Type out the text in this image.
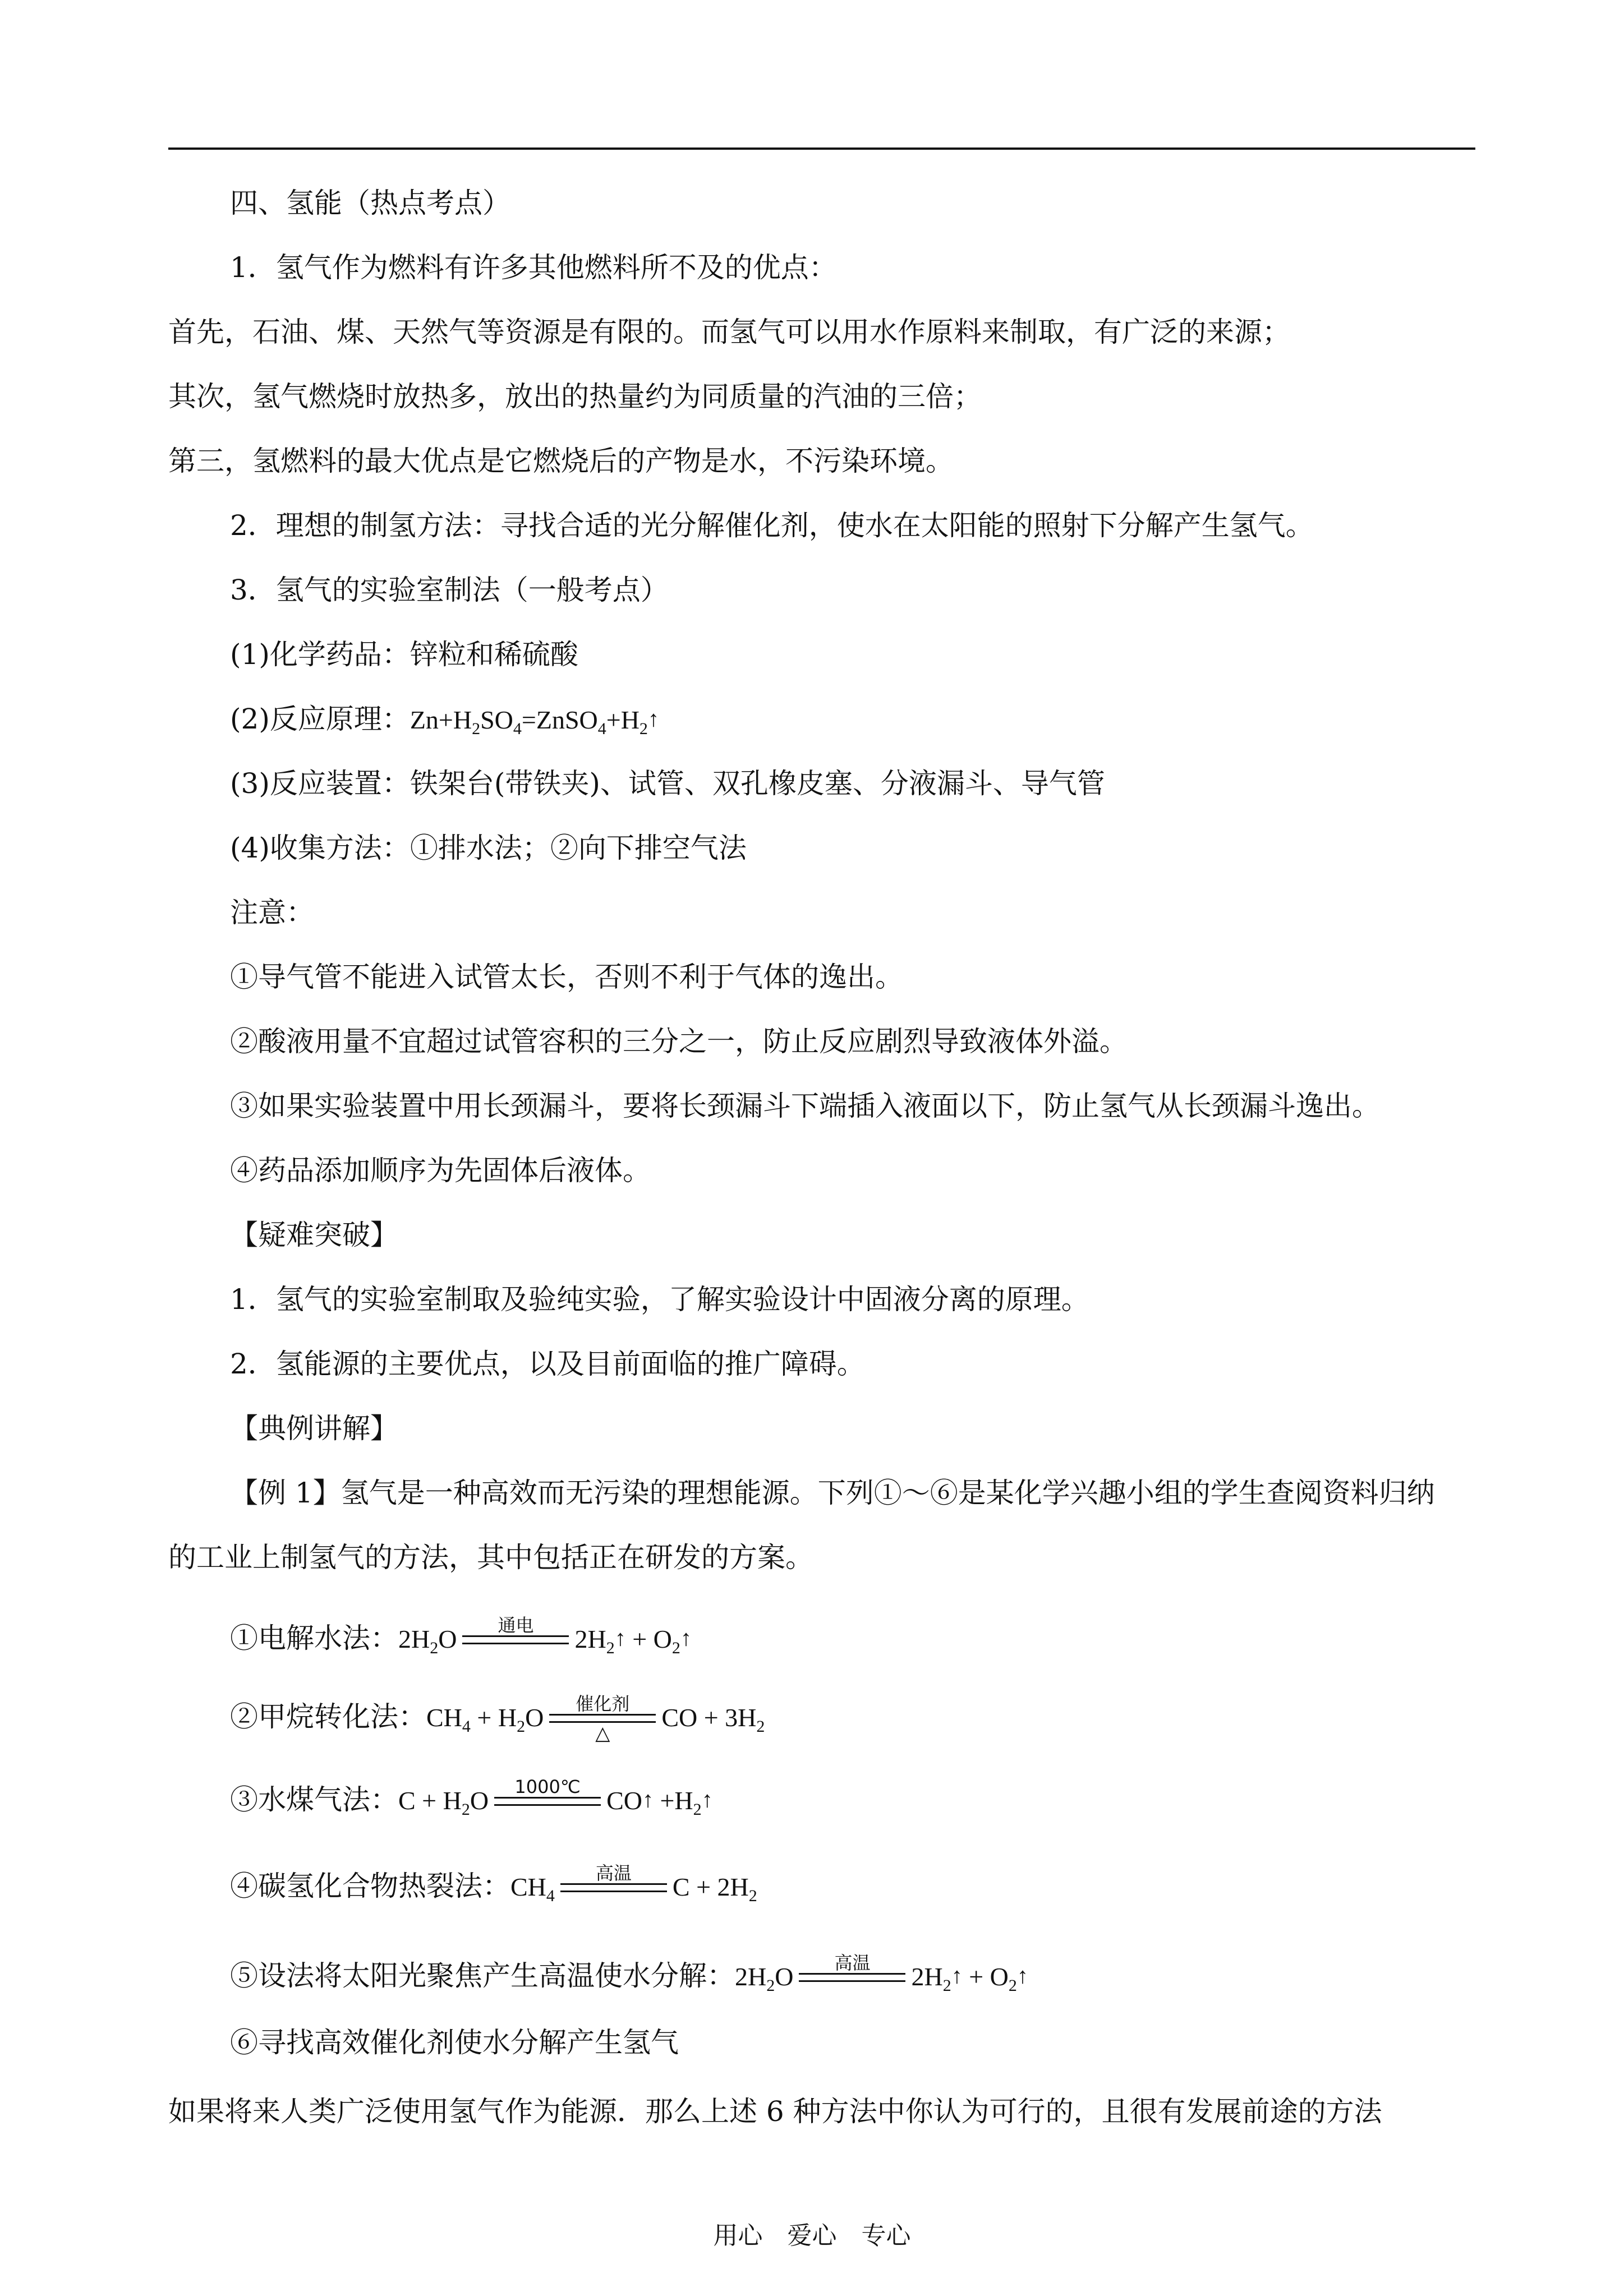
四、氢能（热点考点）
1．氢气作为燃料有许多其他燃料所不及的优点：
首先，石油、煤、天然气等资源是有限的。而氢气可以用水作原料来制取，有广泛的来源；
其次，氢气燃烧时放热多，放出的热量约为同质量的汽油的三倍；
第三，氢燃料的最大优点是它燃烧后的产物是水，不污染环境。
2．理想的制氢方法：寻找合适的光分解催化剂，使水在太阳能的照射下分解产生氢气。
3．氢气的实验室制法（一般考点）
(1)化学药品：锌粒和稀硫酸
(2)反应原理：$Zn+H_2SO_4=ZnSO_4+H_2↑$
(3)反应装置：铁架台(带铁夹)、试管、双孔橡皮塞、分液漏斗、导气管
(4)收集方法：①排水法；②向下排空气法
注意：
①导气管不能进入试管太长，否则不利于气体的逸出。
②酸液用量不宜超过试管容积的三分之一，防止反应剧烈导致液体外溢。
③如果实验装置中用长颈漏斗，要将长颈漏斗下端插入液面以下，防止氢气从长颈漏斗逸出。
④药品添加顺序为先固体后液体。
【疑难突破】
1．氢气的实验室制取及验纯实验，了解实验设计中固液分离的原理。
2．氢能源的主要优点，以及目前面临的推广障碍。
【典例讲解】
【例 1】氢气是一种高效而无污染的理想能源。下列①～⑥是某化学兴趣小组的学生查阅资料归纳
的工业上制氢气的方法，其中包括正在研发的方案。
①电解水法：$2H_2O$	通电	$2H_2↑$ + $O_2↑$
②甲烷转化法：$CH_4 + H_2O$	催化剂
△
CO + $3H_2$
③水煤气法：$C + H_2O$	1000℃	CO↑ $+H_2↑$
④碳氢化合物热裂法：$CH_4$
高温	$C + 2H_2$
⑤设法将太阳光聚焦产生高温使水分解：$2H_2O$	高温	$2H_2↑$ + $O_2↑$
⑥寻找高效催化剂使水分解产生氢气
如果将来人类广泛使用氢气作为能源．那么上述 6 种方法中你认为可行的，且很有发展前途的方法
用心　爱心　专心
